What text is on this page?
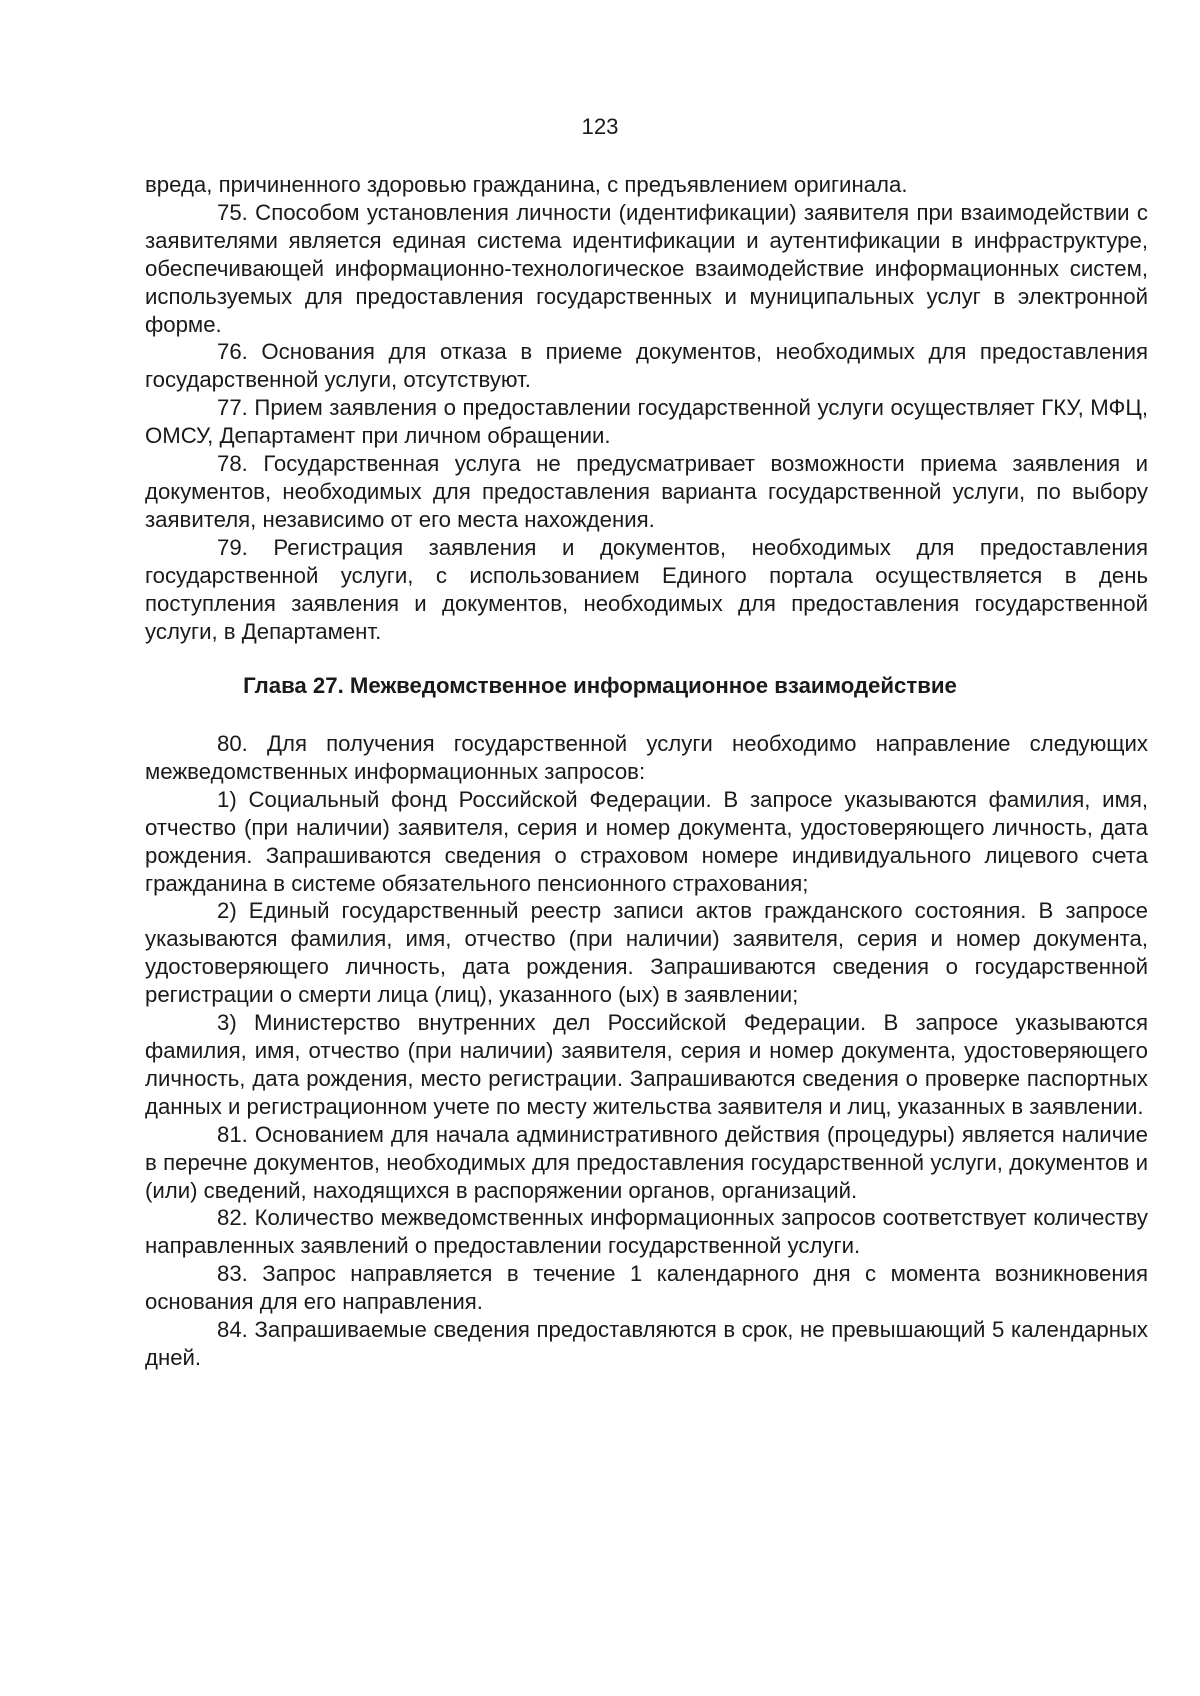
123

вреда, причиненного здоровью гражданина, с предъявлением оригинала.

75. Способом установления личности (идентификации) заявителя при взаимодействии с заявителями является единая система идентификации и аутентификации в инфраструктуре, обеспечивающей информационно-технологическое взаимодействие информационных систем, используемых для предоставления государственных и муниципальных услуг в электронной форме.

76. Основания для отказа в приеме документов, необходимых для предоставления государственной услуги, отсутствуют.

77. Прием заявления о предоставлении государственной услуги осуществляет ГКУ, МФЦ, ОМСУ, Департамент при личном обращении.

78. Государственная услуга не предусматривает возможности приема заявления и документов, необходимых для предоставления варианта государственной услуги, по выбору заявителя, независимо от его места нахождения.

79. Регистрация заявления и документов, необходимых для предоставления государственной услуги, с использованием Единого портала осуществляется в день поступления заявления и документов, необходимых для предоставления государственной услуги, в Департамент.

Глава 27. Межведомственное информационное взаимодействие

80. Для получения государственной услуги необходимо направление следующих межведомственных информационных запросов:

1) Социальный фонд Российской Федерации. В запросе указываются фамилия, имя, отчество (при наличии) заявителя, серия и номер документа, удостоверяющего личность, дата рождения. Запрашиваются сведения о страховом номере индивидуального лицевого счета гражданина в системе обязательного пенсионного страхования;

2) Единый государственный реестр записи актов гражданского состояния. В запросе указываются фамилия, имя, отчество (при наличии) заявителя, серия и номер документа, удостоверяющего личность, дата рождения. Запрашиваются сведения о государственной регистрации о смерти лица (лиц), указанного (ых) в заявлении;

3) Министерство внутренних дел Российской Федерации. В запросе указываются фамилия, имя, отчество (при наличии) заявителя, серия и номер документа, удостоверяющего личность, дата рождения, место регистрации. Запрашиваются сведения о проверке паспортных данных и регистрационном учете по месту жительства заявителя и лиц, указанных в заявлении.

81. Основанием для начала административного действия (процедуры) является наличие в перечне документов, необходимых для предоставления государственной услуги, документов и (или) сведений, находящихся в распоряжении органов, организаций.

82. Количество межведомственных информационных запросов соответствует количеству направленных заявлений о предоставлении государственной услуги.

83. Запрос направляется в течение 1 календарного дня с момента возникновения основания для его направления.

84. Запрашиваемые сведения предоставляются в срок, не превышающий 5 календарных дней.
